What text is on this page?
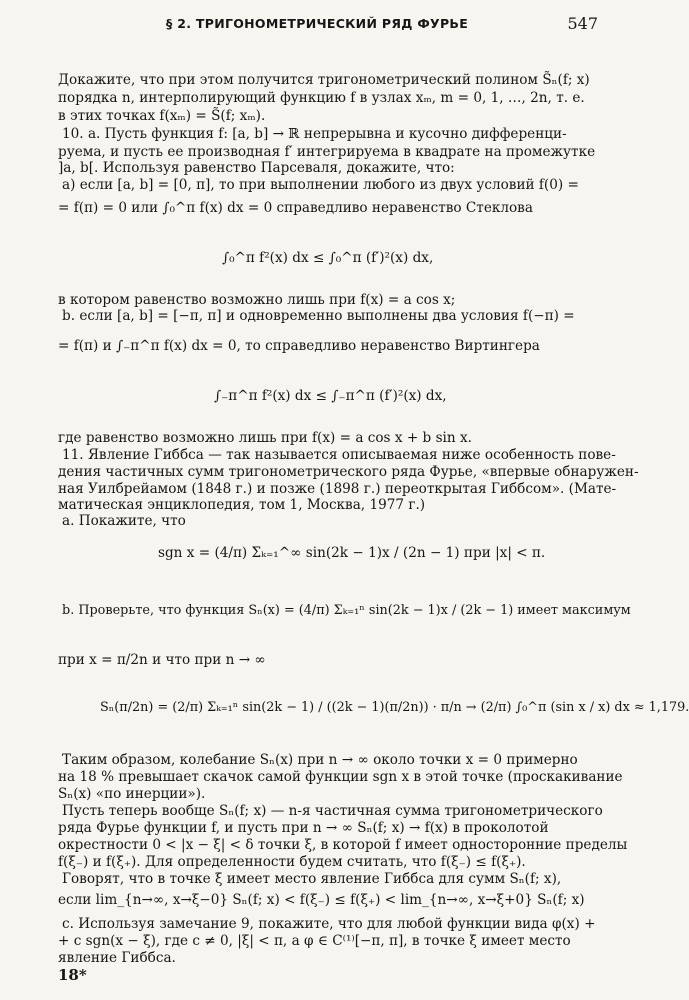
§ 2. ТРИГОНОМЕТРИЧЕСКИЙ РЯД ФУРЬЕ	547
Докажите, что при этом получится тригонометрический полином S̃ₙ(f; x)
порядка n, интерполирующий функцию f в узлах xₘ, m = 0, 1, …, 2n, т. е.
в этих точках f(xₘ) = S̃(f; xₘ).
10. а. Пусть функция f: [a, b] → ℝ непрерывна и кусочно дифференци-
руема, и пусть ее производная f′ интегрируема в квадрате на промежутке
]a, b[. Используя равенство Парсеваля, докажите, что:
а) если [a, b] = [0, π], то при выполнении любого из двух условий f(0) =
= f(π) = 0 или ∫₀^π f(x) dx = 0 справедливо неравенство Стеклова
∫₀^π f²(x) dx ≤ ∫₀^π (f′)²(x) dx,
в котором равенство возможно лишь при f(x) = a cos x;
b. если [a, b] = [−π, π] и одновременно выполнены два условия f(−π) =
= f(π) и ∫₋π^π f(x) dx = 0, то справедливо неравенство Виртингера
∫₋π^π f²(x) dx ≤ ∫₋π^π (f′)²(x) dx,
где равенство возможно лишь при f(x) = a cos x + b sin x.
11. Явление Гиббса — так называется описываемая ниже особенность пове-
дения частичных сумм тригонометрического ряда Фурье, «впервые обнаружен-
ная Уилбрейамом (1848 г.) и позже (1898 г.) переоткрытая Гиббсом». (Мате-
матическая энциклопедия, том 1, Москва, 1977 г.)
а. Покажите, что
sgn x = (4/π) Σₖ₌₁^∞ sin(2k − 1)x / (2n − 1) при |x| < π.
b. Проверьте, что функция Sₙ(x) = (4/π) Σₖ₌₁ⁿ sin(2k − 1)x / (2k − 1) имеет максимум
при x = π/2n и что при n → ∞
Sₙ(π/2n) = (2/π) Σₖ₌₁ⁿ sin(2k − 1) / ((2k − 1)(π/2n)) · π/n → (2/π) ∫₀^π (sin x / x) dx ≈ 1,179.
Таким образом, колебание Sₙ(x) при n → ∞ около точки x = 0 примерно
на 18 % превышает скачок самой функции sgn x в этой точке (проскакивание
Sₙ(x) «по инерции»).
Пусть теперь вообще Sₙ(f; x) — n-я частичная сумма тригонометрического
ряда Фурье функции f, и пусть при n → ∞ Sₙ(f; x) → f(x) в проколотой
окрестности 0 < |x − ξ| < δ точки ξ, в которой f имеет односторонние пределы
f(ξ₋) и f(ξ₊). Для определенности будем считать, что f(ξ₋) ≤ f(ξ₊).
Говорят, что в точке ξ имеет место явление Гиббса для сумм Sₙ(f; x),
если lim_{n→∞, x→ξ−0} Sₙ(f; x) < f(ξ₋) ≤ f(ξ₊) < lim_{n→∞, x→ξ+0} Sₙ(f; x)
c. Используя замечание 9, покажите, что для любой функции вида φ(x) +
+ c sgn(x − ξ), где c ≠ 0, |ξ| < π, а φ ∈ C⁽¹⁾[−π, π], в точке ξ имеет место
явление Гиббса.
18*
